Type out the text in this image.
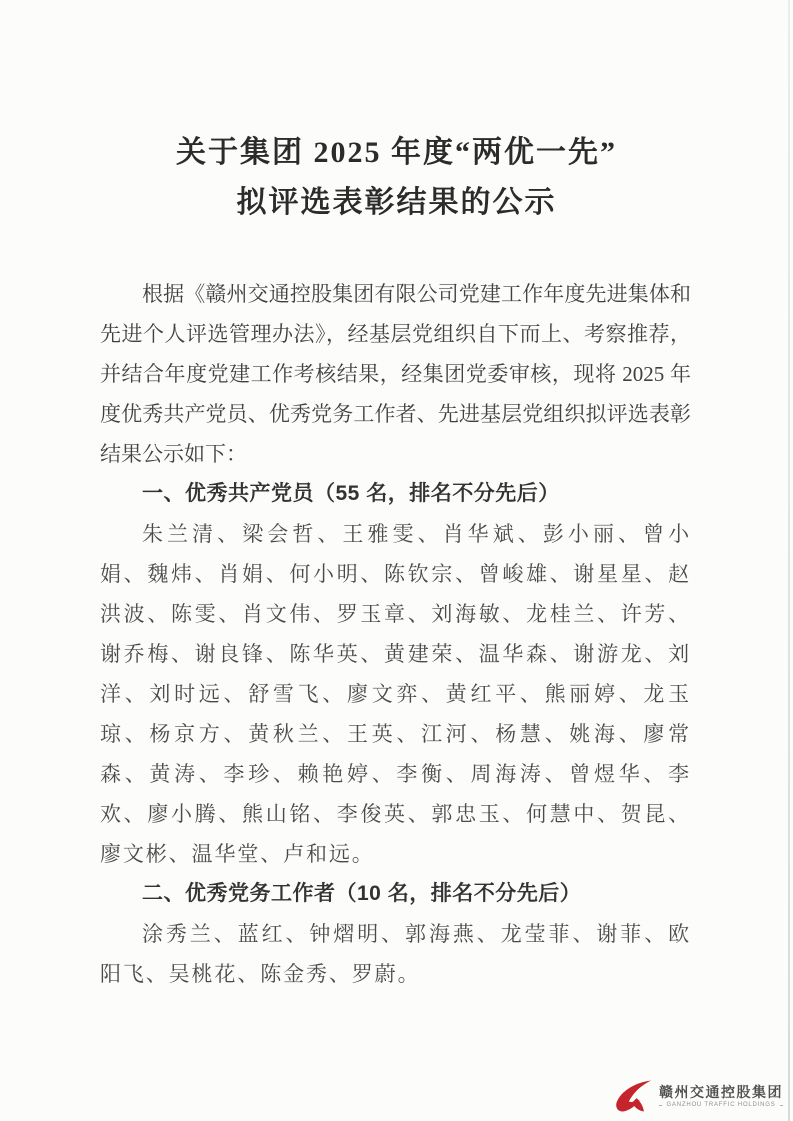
关于集团 2025 年度“两优一先”
拟评选表彰结果的公示

根据《赣州交通控股集团有限公司党建工作年度先进集体和先进个人评选管理办法》，经基层党组织自下而上、考察推荐，并结合年度党建工作考核结果，经集团党委审核，现将 2025 年度优秀共产党员、优秀党务工作者、先进基层党组织拟评选表彰结果公示如下：

一、优秀共产党员（55 名，排名不分先后）

朱兰清、梁会哲、王雅雯、肖华斌、彭小丽、曾小娟、魏炜、肖娟、何小明、陈钦宗、曾峻雄、谢星星、赵洪波、陈雯、肖文伟、罗玉章、刘海敏、龙桂兰、许芳、谢乔梅、谢良锋、陈华英、黄建荣、温华森、谢游龙、刘洋、刘时远、舒雪飞、廖文弈、黄红平、熊丽婷、龙玉琼、杨京方、黄秋兰、王英、江河、杨慧、姚海、廖常森、黄涛、李珍、赖艳婷、李衡、周海涛、曾煜华、李欢、廖小腾、熊山铭、李俊英、郭忠玉、何慧中、贺昆、廖文彬、温华堂、卢和远。

二、优秀党务工作者（10 名，排名不分先后）

涂秀兰、蓝红、钟熠明、郭海燕、龙莹菲、谢菲、欧阳飞、吴桃花、陈金秀、罗蔚。

赣州交通控股集团
GANZHOU TRAFFIC HOLDINGS
